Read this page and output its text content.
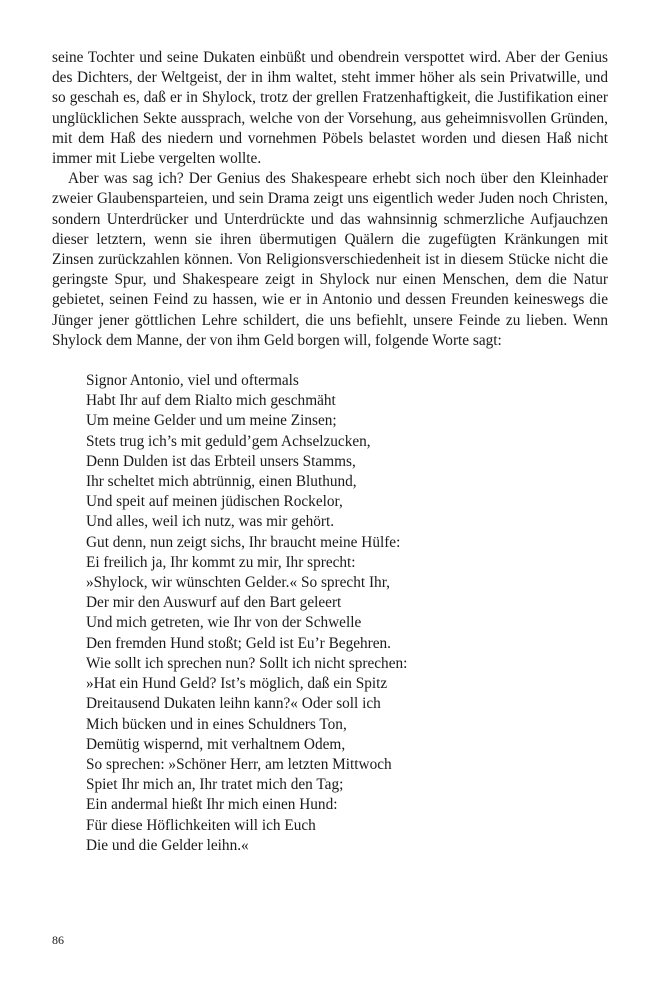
seine Tochter und seine Dukaten einbüßt und obendrein verspottet wird. Aber der Genius des Dichters, der Weltgeist, der in ihm waltet, steht immer höher als sein Privatwille, und so geschah es, daß er in Shylock, trotz der grellen Fratzenhaftigkeit, die Justifikation einer unglücklichen Sekte aussprach, welche von der Vorsehung, aus geheimnisvollen Gründen, mit dem Haß des niedern und vornehmen Pöbels belastet worden und diesen Haß nicht immer mit Liebe vergelten wollte.

Aber was sag ich? Der Genius des Shakespeare erhebt sich noch über den Kleinhader zweier Glaubensparteien, und sein Drama zeigt uns eigentlich weder Juden noch Christen, sondern Unterdrücker und Unterdrückte und das wahnsinnig schmerzliche Aufjauchzen dieser letztern, wenn sie ihren übermutigen Quälern die zugefügten Kränkungen mit Zinsen zurückzahlen können. Von Religionsverschiedenheit ist in diesem Stücke nicht die geringste Spur, und Shakespeare zeigt in Shylock nur einen Menschen, dem die Natur gebietet, seinen Feind zu hassen, wie er in Antonio und dessen Freunden keineswegs die Jünger jener göttlichen Lehre schildert, die uns befiehlt, unsere Feinde zu lieben. Wenn Shylock dem Manne, der von ihm Geld borgen will, folgende Worte sagt:

Signor Antonio, viel und oftermals
Habt Ihr auf dem Rialto mich geschmäht
Um meine Gelder und um meine Zinsen;
Stets trug ich’s mit geduld’gem Achselzucken,
Denn Dulden ist das Erbteil unsers Stamms,
Ihr scheltet mich abtrünnig, einen Bluthund,
Und speit auf meinen jüdischen Rockelor,
Und alles, weil ich nutz, was mir gehört.
Gut denn, nun zeigt sichs, Ihr braucht meine Hülfe:
Ei freilich ja, Ihr kommt zu mir, Ihr sprecht:
»Shylock, wir wünschten Gelder.« So sprecht Ihr,
Der mir den Auswurf auf den Bart geleert
Und mich getreten, wie Ihr von der Schwelle
Den fremden Hund stoßt; Geld ist Eu’r Begehren.
Wie sollt ich sprechen nun? Sollt ich nicht sprechen:
»Hat ein Hund Geld? Ist’s möglich, daß ein Spitz
Dreitausend Dukaten leihn kann?« Oder soll ich
Mich bücken und in eines Schuldners Ton,
Demütig wispernd, mit verhaltnem Odem,
So sprechen: »Schöner Herr, am letzten Mittwoch
Spiet Ihr mich an, Ihr tratet mich den Tag;
Ein andermal hießt Ihr mich einen Hund:
Für diese Höflichkeiten will ich Euch
Die und die Gelder leihn.«
86
